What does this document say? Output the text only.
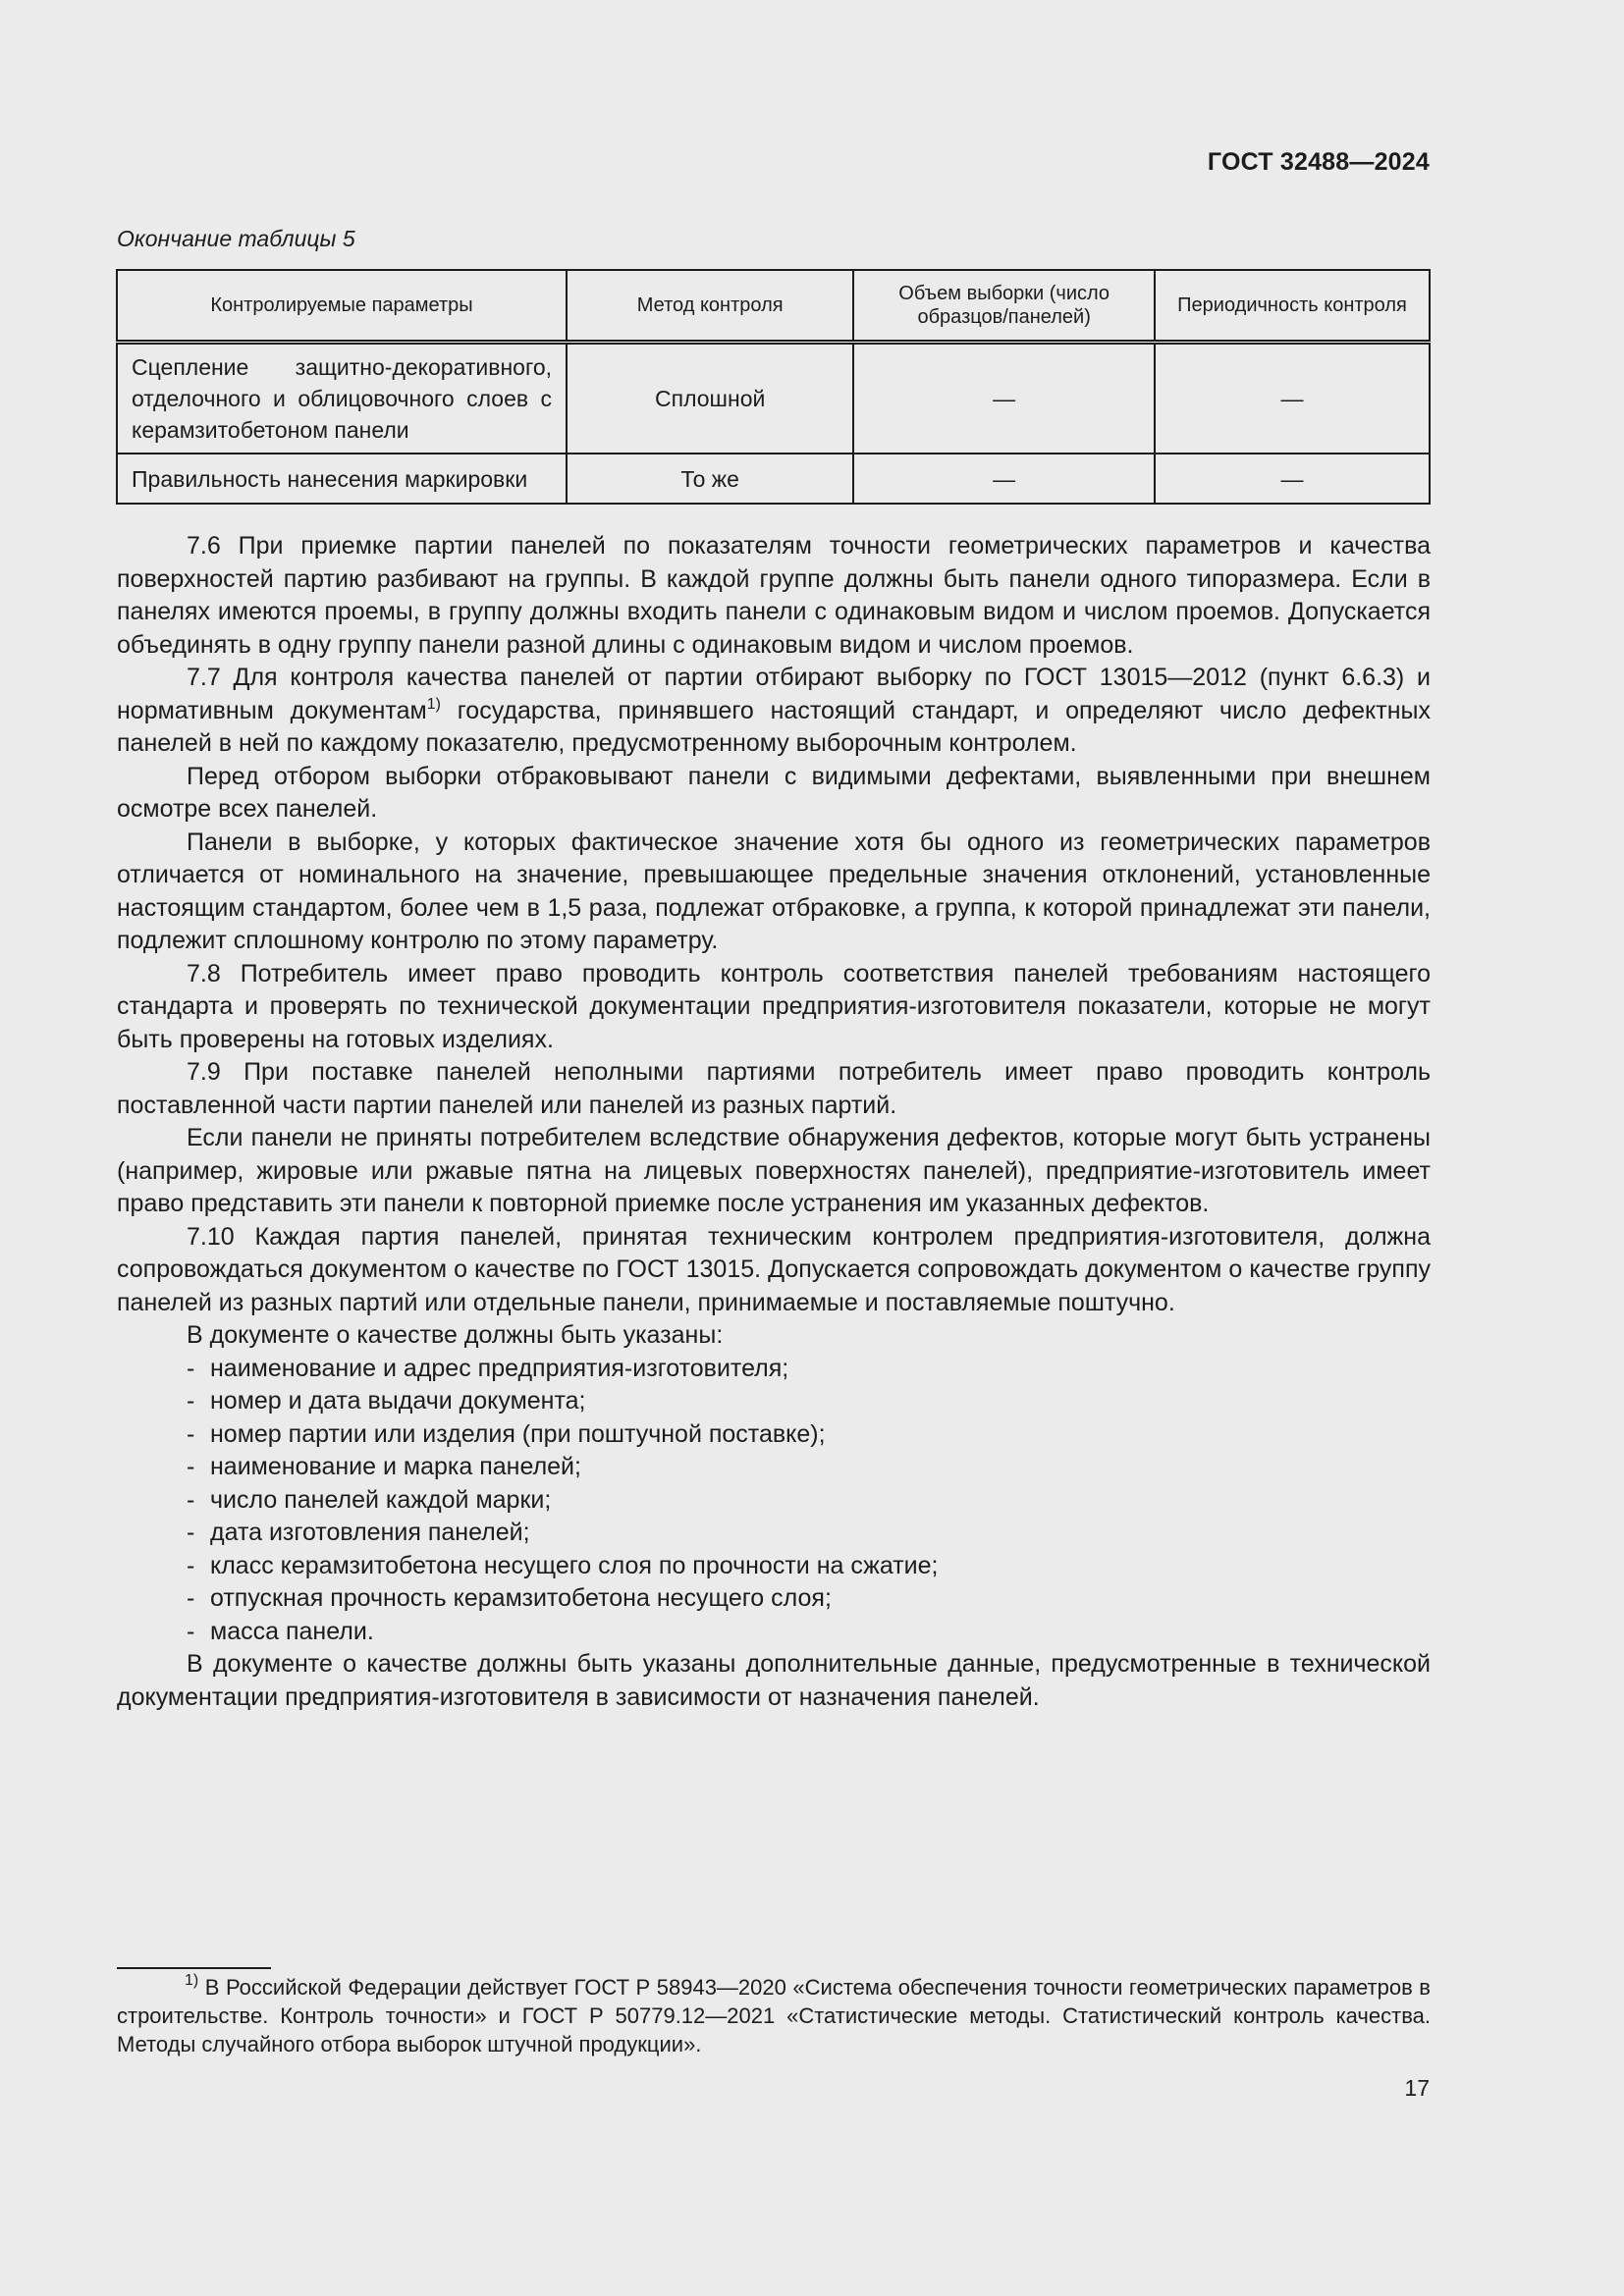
ГОСТ 32488—2024
Окончание таблицы 5
Контролируемые параметры	Метод контроля	Объем выборки (число образцов/панелей)	Периодичность контроля
Сцепление защитно-декоративного, отделочного и облицовочного слоев с керамзитобетоном панели	Сплошной	—	—
Правильность нанесения маркировки	То же	—	—

7.6 При приемке партии панелей по показателям точности геометрических параметров и качества поверхностей партию разбивают на группы. В каждой группе должны быть панели одного типоразмера. Если в панелях имеются проемы, в группу должны входить панели с одинаковым видом и числом проемов. Допускается объединять в одну группу панели разной длины с одинаковым видом и числом проемов.

7.7 Для контроля качества панелей от партии отбирают выборку по ГОСТ 13015—2012 (пункт 6.6.3) и нормативным документам$^{1)}$ государства, принявшего настоящий стандарт, и определяют число дефектных панелей в ней по каждому показателю, предусмотренному выборочным контролем.

Перед отбором выборки отбраковывают панели с видимыми дефектами, выявленными при внешнем осмотре всех панелей.

Панели в выборке, у которых фактическое значение хотя бы одного из геометрических параметров отличается от номинального на значение, превышающее предельные значения отклонений, установленные настоящим стандартом, более чем в 1,5 раза, подлежат отбраковке, а группа, к которой принадлежат эти панели, подлежит сплошному контролю по этому параметру.

7.8 Потребитель имеет право проводить контроль соответствия панелей требованиям настоящего стандарта и проверять по технической документации предприятия-изготовителя показатели, которые не могут быть проверены на готовых изделиях.

7.9 При поставке панелей неполными партиями потребитель имеет право проводить контроль поставленной части партии панелей или панелей из разных партий.

Если панели не приняты потребителем вследствие обнаружения дефектов, которые могут быть устранены (например, жировые или ржавые пятна на лицевых поверхностях панелей), предприятие-изготовитель имеет право представить эти панели к повторной приемке после устранения им указанных дефектов.

7.10 Каждая партия панелей, принятая техническим контролем предприятия-изготовителя, должна сопровождаться документом о качестве по ГОСТ 13015. Допускается сопровождать документом о качестве группу панелей из разных партий или отдельные панели, принимаемые и поставляемые поштучно.

В документе о качестве должны быть указаны:

- наименование и адрес предприятия-изготовителя;
- номер и дата выдачи документа;
- номер партии или изделия (при поштучной поставке);
- наименование и марка панелей;
- число панелей каждой марки;
- дата изготовления панелей;
- класс керамзитобетона несущего слоя по прочности на сжатие;
- отпускная прочность керамзитобетона несущего слоя;
- масса панели.

В документе о качестве должны быть указаны дополнительные данные, предусмотренные в технической документации предприятия-изготовителя в зависимости от назначения панелей.

$^{1)}$ В Российской Федерации действует ГОСТ Р 58943—2020 «Система обеспечения точности геометрических параметров в строительстве. Контроль точности» и ГОСТ Р 50779.12—2021 «Статистические методы. Статистический контроль качества. Методы случайного отбора выборок штучной продукции».

17
